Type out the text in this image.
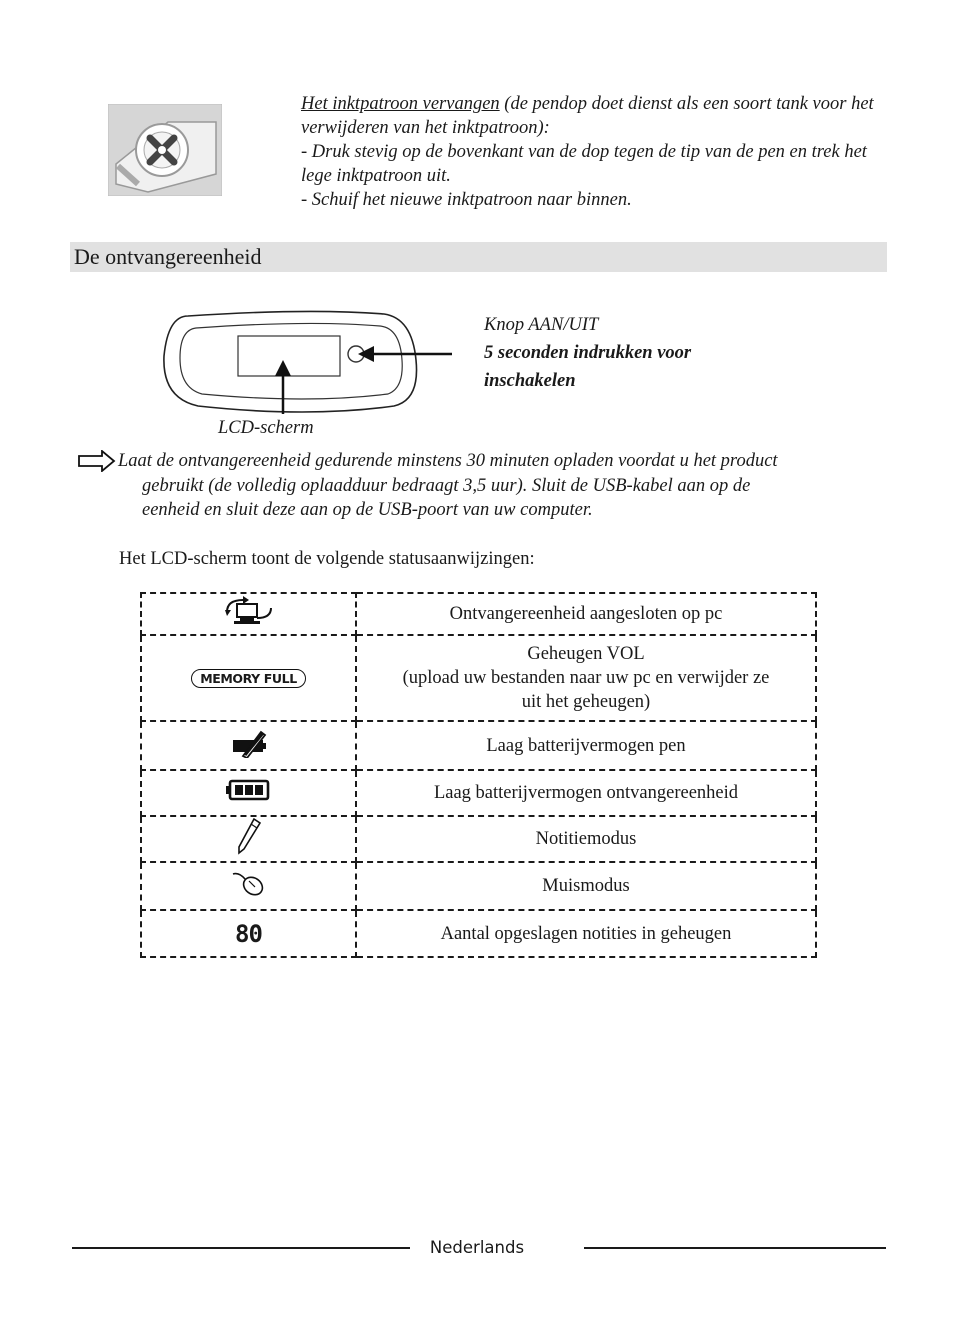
Het inktpatroon vervangen (de pendop doet dienst als een soort tank voor het verwijderen van het inktpatroon):
- Druk stevig op de bovenkant van de dop tegen de tip van de pen en trek het lege inktpatroon uit.
- Schuif het nieuwe inktpatroon naar binnen.
De ontvangereenheid
Knop AAN/UIT
5 seconden indrukken voor
inschakelen
LCD-scherm
Laat de ontvangereenheid gedurende minstens 30 minuten opladen voordat u het product
gebruikt (de volledig oplaadduur bedraagt 3,5 uur). Sluit de USB-kabel aan op de
eenheid en sluit deze aan op de USB-poort van uw computer.
Het LCD-scherm toont de volgende statusaanwijzingen:
	Ontvangereenheid aangesloten op pc
MEMORY FULL	Geheugen VOL
(upload uw bestanden naar uw pc en verwijder ze
uit het geheugen)
	Laag batterijvermogen pen
	Laag batterijvermogen ontvangereenheid
	Notitiemodus
	Muismodus
80	Aantal opgeslagen notities in geheugen
Nederlands
